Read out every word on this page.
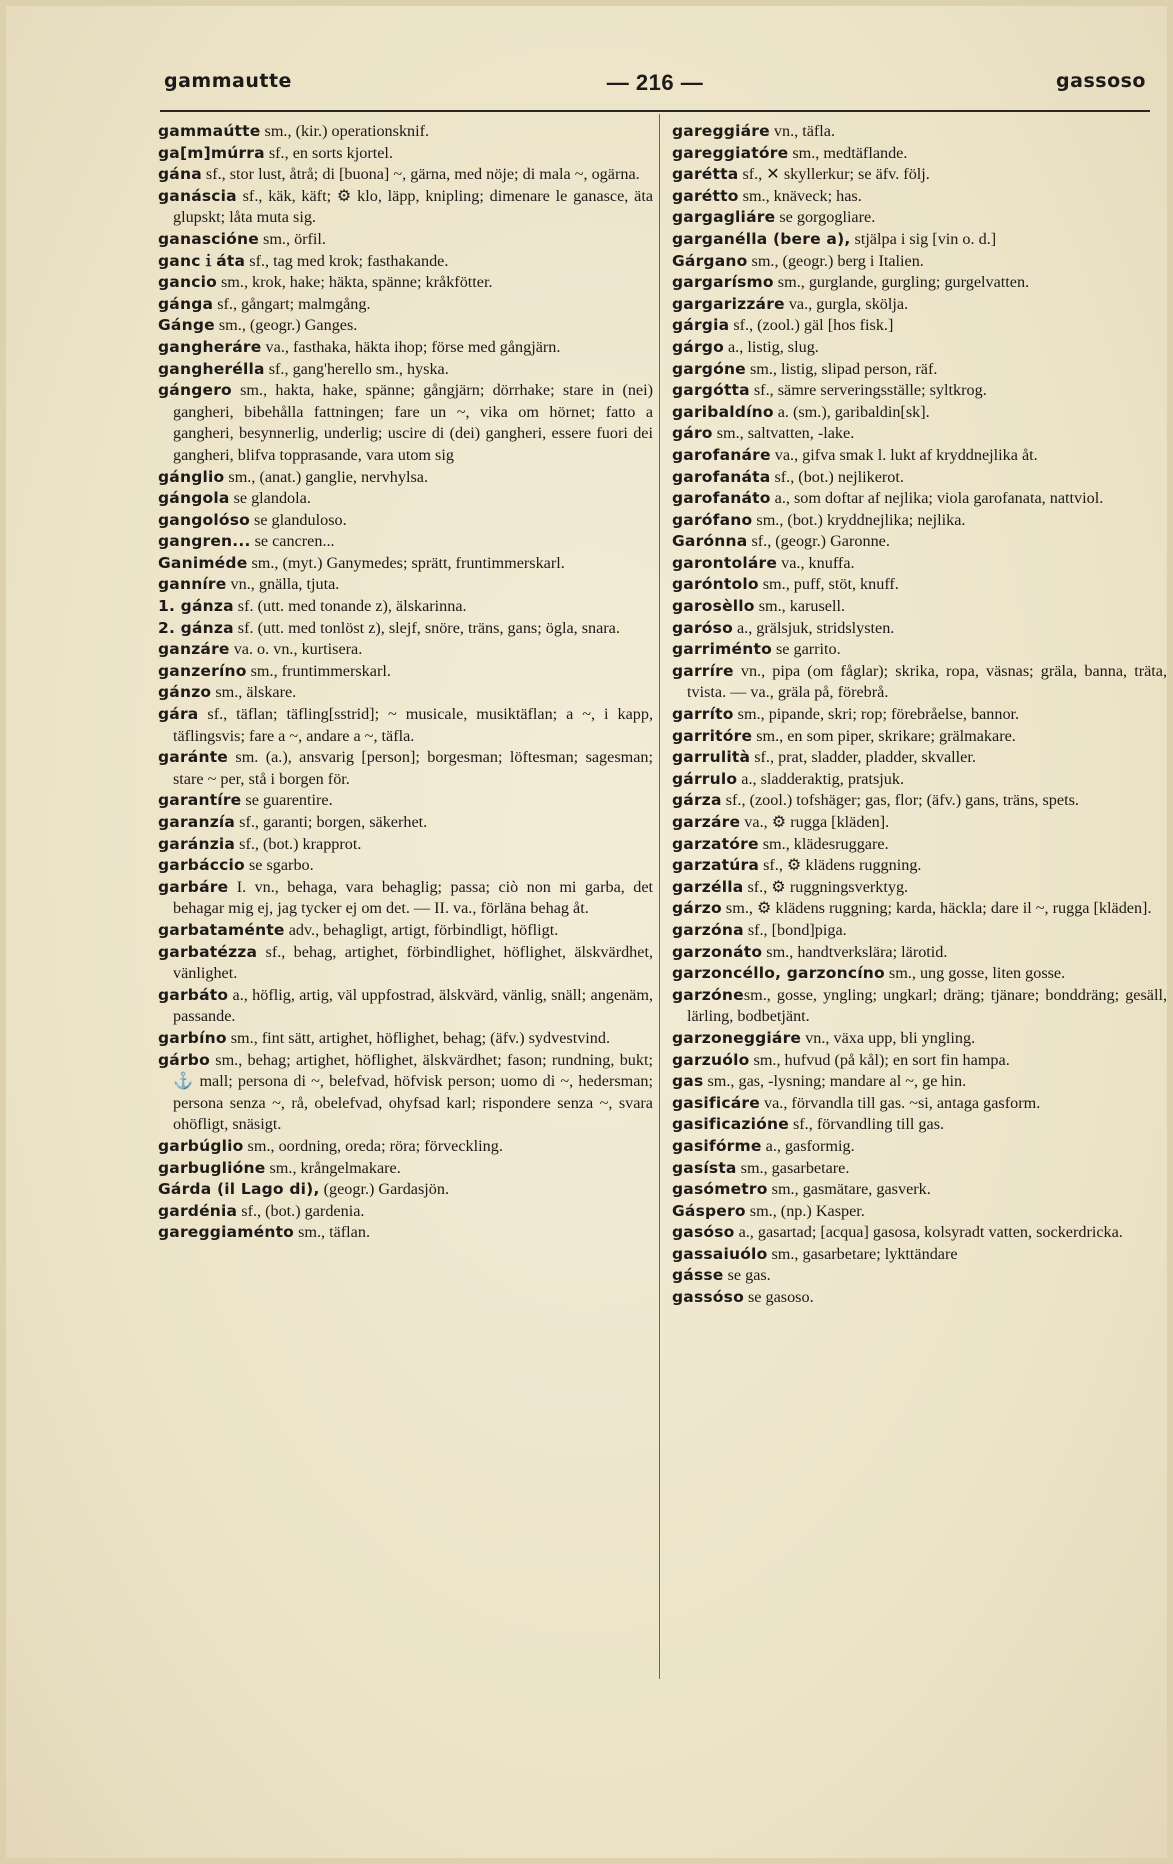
gammautte	— 216 —	gassoso
gammaútte sm., (kir.) operationsknif.
ga[m]múrra sf., en sorts kjortel.
gána sf., stor lust, åtrå; di [buona] ~, gärna, med nöje; di mala ~, ogärna.
ganáscia sf., käk, käft; ⚙ klo, läpp, knipling; dimenare le ganasce, äta glupskt; låta muta sig.
ganascióne sm., örfil.
gancｉáta sf., tag med krok; fasthakande.
gancio sm., krok, hake; häkta, spänne; kråkfötter.
gánga sf., gångart; malmgång.
Gánge sm., (geogr.) Ganges.
gangheráre va., fasthaka, häkta ihop; förse med gångjärn.
gangherélla sf., gang'herello sm., hyska.
gángero sm., hakta, hake, spänne; gångjärn; dörrhake; stare in (nei) gangheri, bibehålla fattningen; fare un ~, vika om hörnet; fatto a gangheri, besynnerlig, underlig; uscire di (dei) gangheri, essere fuori dei gangheri, blifva topprasande, vara utom sig
gánglio sm., (anat.) ganglie, nervhylsa.
gángola se glandola.
gangolóso se glanduloso.
gangren... se cancren...
Ganiméde sm., (myt.) Ganymedes; sprätt, fruntimmerskarl.
ganníre vn., gnälla, tjuta.
1. gánza sf. (utt. med tonande z), älskarinna.
2. gánza sf. (utt. med tonlöst z), slejf, snöre, träns, gans; ögla, snara.
ganzáre va. o. vn., kurtisera.
ganzeríno sm., fruntimmerskarl.
gánzo sm., älskare.
gára sf., täflan; täfling[sstrid]; ~ musicale, musiktäflan; a ~, i kapp, täflingsvis; fare a ~, andare a ~, täfla.
garánte sm. (a.), ansvarig [person]; borgesman; löftesman; sagesman; stare ~ per, stå i borgen för.
garantíre se guarentire.
garanzía sf., garanti; borgen, säkerhet.
garánzia sf., (bot.) krapprot.
garbáccio se sgarbo.
garbáre I. vn., behaga, vara behaglig; passa; ciò non mi garba, det behagar mig ej, jag tycker ej om det. — II. va., förläna behag åt.
garbataménte adv., behagligt, artigt, förbindligt, höfligt.
garbatézza sf., behag, artighet, förbindlighet, höflighet, älskvärdhet, vänlighet.
garbáto a., höflig, artig, väl uppfostrad, älskvärd, vänlig, snäll; angenäm, passande.
garbíno sm., fint sätt, artighet, höflighet, behag; (äfv.) sydvestvind.
gárbo sm., behag; artighet, höflighet, älskvärdhet; fason; rundning, bukt; ⚓ mall; persona di ~, belefvad, höfvisk person; uomo di ~, hedersman; persona senza ~, rå, obelefvad, ohyfsad karl; rispondere senza ~, svara ohöfligt, snäsigt.
garbúglio sm., oordning, oreda; röra; förveckling.
garbuglióne sm., krångelmakare.
Gárda (il Lago di), (geogr.) Gardasjön.
gardénia sf., (bot.) gardenia.
gareggiaménto sm., täflan.
gareggiáre vn., täfla.
gareggiatóre sm., medtäflande.
garétta sf., ✕ skyllerkur; se äfv. följ.
garétto sm., knäveck; has.
gargagliáre se gorgogliare.
garganélla (bere a), stjälpa i sig [vin o. d.]
Gárgano sm., (geogr.) berg i Italien.
gargarísmo sm., gurglande, gurgling; gurgelvatten.
gargarizzáre va., gurgla, skölja.
gárgia sf., (zool.) gäl [hos fisk.]
gárgo a., listig, slug.
gargóne sm., listig, slipad person, räf.
gargótta sf., sämre serveringsställe; syltkrog.
garibaldíno a. (sm.), garibaldin[sk].
gáro sm., saltvatten, -lake.
garofanáre va., gifva smak l. lukt af kryddnejlika åt.
garofanáta sf., (bot.) nejlikerot.
garofanáto a., som doftar af nejlika; viola garofanata, nattviol.
garófano sm., (bot.) kryddnejlika; nejlika.
Garónna sf., (geogr.) Garonne.
garontoláre va., knuffa.
garóntolo sm., puff, stöt, knuff.
garosèllo sm., karusell.
garóso a., grälsjuk, stridslysten.
garriménto se garrito.
garríre vn., pipa (om fåglar); skrika, ropa, väsnas; gräla, banna, träta, tvista. — va., gräla på, förebrå.
garríto sm., pipande, skri; rop; förebråelse, bannor.
garritóre sm., en som piper, skrikare; grälmakare.
garrulità sf., prat, sladder, pladder, skvaller.
gárrulo a., sladderaktig, pratsjuk.
gárza sf., (zool.) tofshäger; gas, flor; (äfv.) gans, träns, spets.
garzáre va., ⚙ rugga [kläden].
garzatóre sm., klädesruggare.
garzatúra sf., ⚙ klädens ruggning.
garzélla sf., ⚙ ruggningsverktyg.
gárzo sm., ⚙ klädens ruggning; karda, häckla; dare il ~, rugga [kläden].
garzóna sf., [bond]piga.
garzonáto sm., handtverkslära; lärotid.
garzoncéllo, garzoncíno sm., ung gosse, liten gosse.
garzónesm., gosse, yngling; ungkarl; dräng; tjänare; bonddräng; gesäll, lärling, bodbetjänt.
garzoneggiáre vn., växa upp, bli yngling.
garzuólo sm., hufvud (på kål); en sort fin hampa.
gas sm., gas, -lysning; mandare al ~, ge hin.
gasificáre va., förvandla till gas. ~si, antaga gasform.
gasificazióne sf., förvandling till gas.
gasifórme a., gasformig.
gasísta sm., gasarbetare.
gasómetro sm., gasmätare, gasverk.
Gáspero sm., (np.) Kasper.
gasóso a., gasartad; [acqua] gasosa, kolsyradt vatten, sockerdricka.
gassaiuólo sm., gasarbetare; lykttändare
gásse se gas.
gassóso se gasoso.
